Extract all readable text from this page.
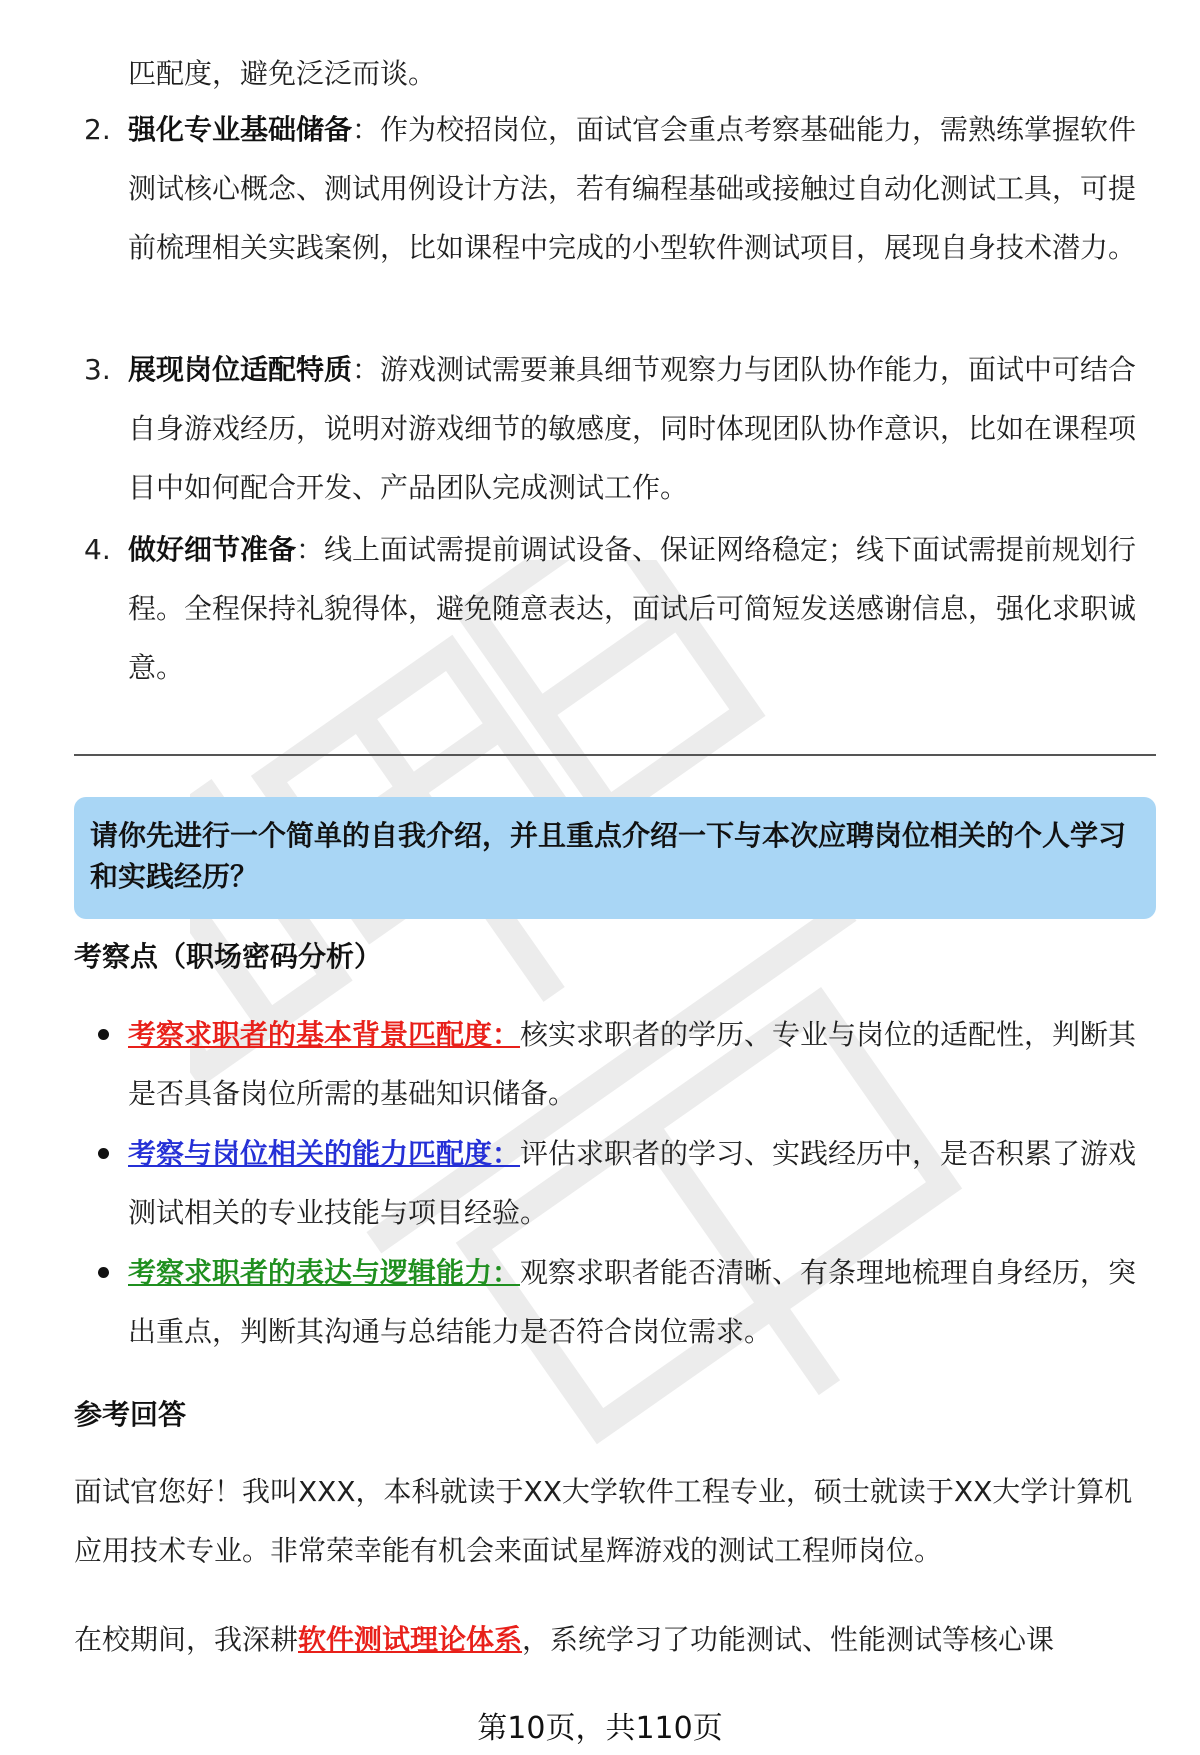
匹配度，避免泛泛而谈。
2. 强化专业基础储备：作为校招岗位，面试官会重点考察基础能力，需熟练掌握软件测试核心概念、测试用例设计方法，若有编程基础或接触过自动化测试工具，可提前梳理相关实践案例，比如课程中完成的小型软件测试项目，展现自身技术潜力。
3. 展现岗位适配特质：游戏测试需要兼具细节观察力与团队协作能力，面试中可结合自身游戏经历，说明对游戏细节的敏感度，同时体现团队协作意识，比如在课程项目中如何配合开发、产品团队完成测试工作。
4. 做好细节准备：线上面试需提前调试设备、保证网络稳定；线下面试需提前规划行程。全程保持礼貌得体，避免随意表达，面试后可简短发送感谢信息，强化求职诚意。
请你先进行一个简单的自我介绍，并且重点介绍一下与本次应聘岗位相关的个人学习和实践经历？
考察点（职场密码分析）
考察求职者的基本背景匹配度：核实求职者的学历、专业与岗位的适配性，判断其是否具备岗位所需的基础知识储备。
考察与岗位相关的能力匹配度：评估求职者的学习、实践经历中，是否积累了游戏测试相关的专业技能与项目经验。
考察求职者的表达与逻辑能力：观察求职者能否清晰、有条理地梳理自身经历，突出重点，判断其沟通与总结能力是否符合岗位需求。
参考回答
面试官您好！我叫XXX，本科就读于XX大学软件工程专业，硕士就读于XX大学计算机应用技术专业。非常荣幸能有机会来面试星辉游戏的测试工程师岗位。
在校期间，我深耕软件测试理论体系，系统学习了功能测试、性能测试等核心课
第10页，共110页
